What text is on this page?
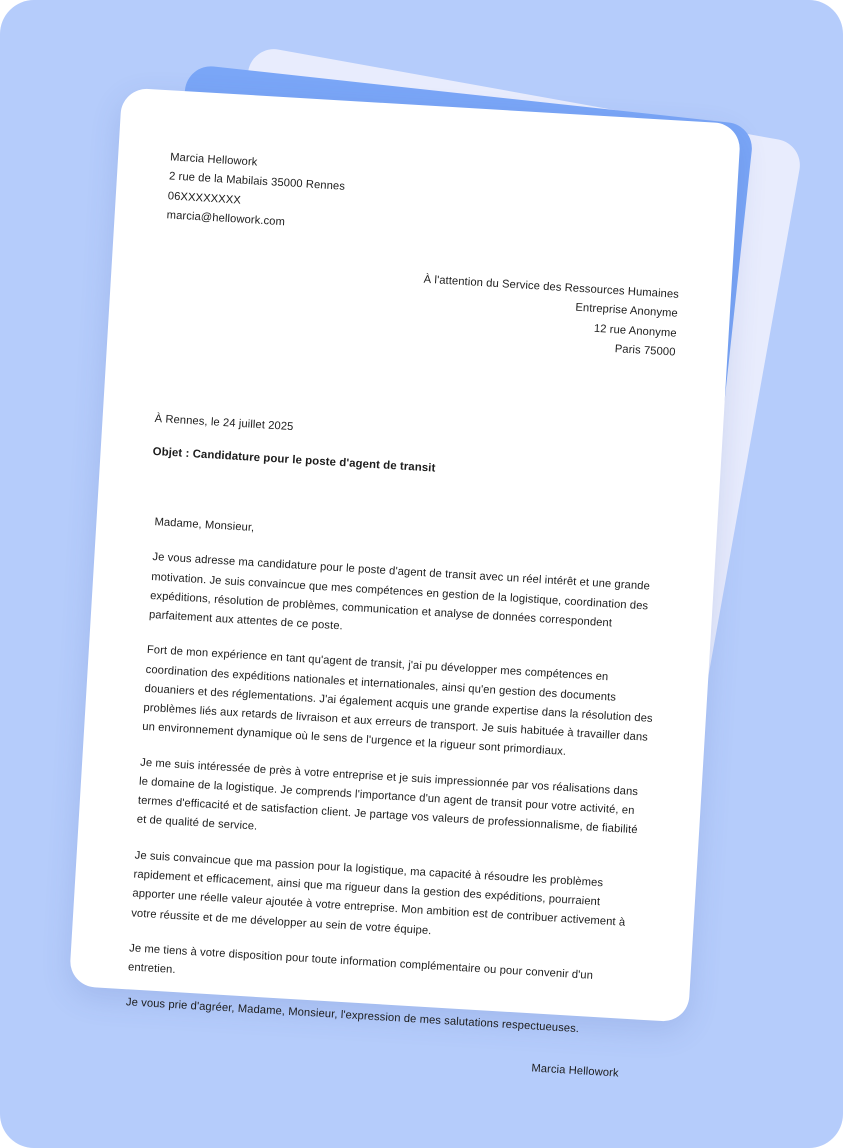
Marcia Hellowork
2 rue de la Mabilais 35000 Rennes
06XXXXXXXX
marcia@hellowork.com
À l'attention du Service des Ressources Humaines
Entreprise Anonyme
12 rue Anonyme
Paris 75000
À Rennes, le 24 juillet 2025
Objet : Candidature pour le poste d'agent de transit
Madame, Monsieur,
Je vous adresse ma candidature pour le poste d'agent de transit avec un réel intérêt et une grande motivation. Je suis convaincue que mes compétences en gestion de la logistique, coordination des expéditions, résolution de problèmes, communication et analyse de données correspondent parfaitement aux attentes de ce poste.
Fort de mon expérience en tant qu'agent de transit, j'ai pu développer mes compétences en coordination des expéditions nationales et internationales, ainsi qu'en gestion des documents douaniers et des réglementations. J'ai également acquis une grande expertise dans la résolution des problèmes liés aux retards de livraison et aux erreurs de transport. Je suis habituée à travailler dans un environnement dynamique où le sens de l'urgence et la rigueur sont primordiaux.
Je me suis intéressée de près à votre entreprise et je suis impressionnée par vos réalisations dans le domaine de la logistique. Je comprends l'importance d'un agent de transit pour votre activité, en termes d'efficacité et de satisfaction client. Je partage vos valeurs de professionnalisme, de fiabilité et de qualité de service.
Je suis convaincue que ma passion pour la logistique, ma capacité à résoudre les problèmes rapidement et efficacement, ainsi que ma rigueur dans la gestion des expéditions, pourraient apporter une réelle valeur ajoutée à votre entreprise. Mon ambition est de contribuer activement à votre réussite et de me développer au sein de votre équipe.
Je me tiens à votre disposition pour toute information complémentaire ou pour convenir d'un entretien.
Je vous prie d'agréer, Madame, Monsieur, l'expression de mes salutations respectueuses.
Marcia Hellowork
